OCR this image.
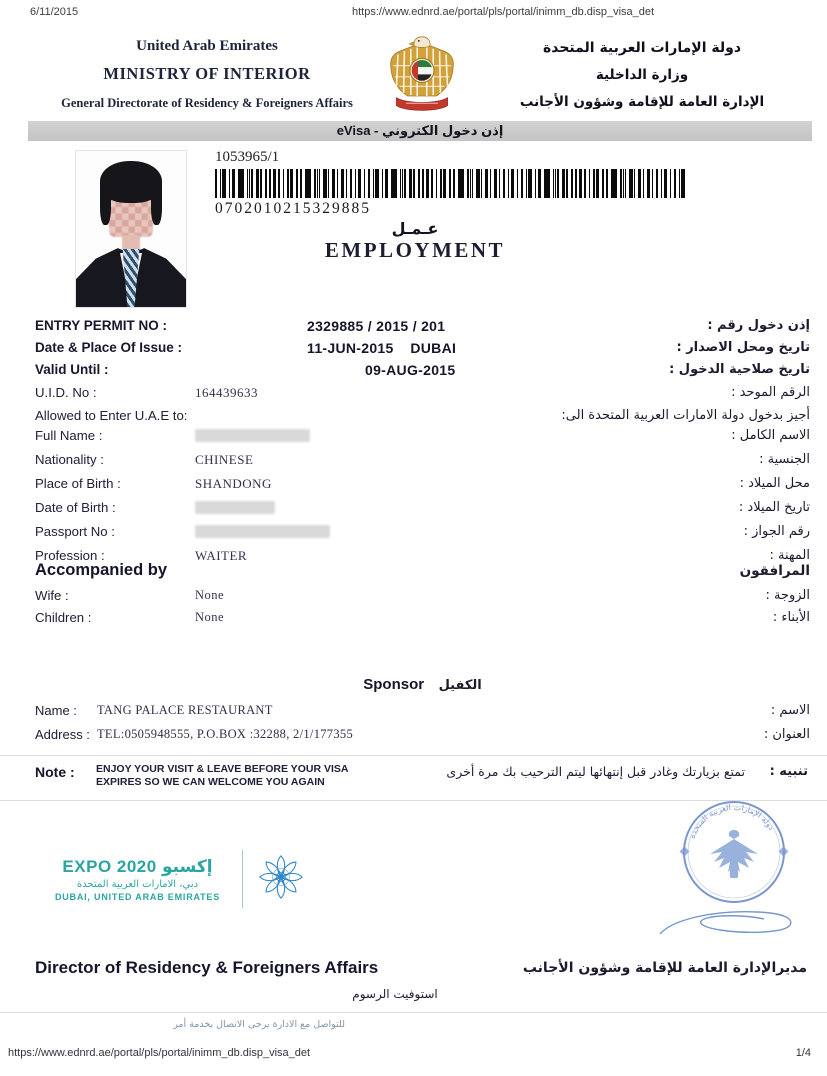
6/11/2015	https://www.ednrd.ae/portal/pls/portal/inimm_db.disp_visa_det
United Arab Emirates
MINISTRY OF INTERIOR
General Directorate of Residency & Foreigners Affairs
دولة الإمارات العربية المتحدة
وزارة الداخلية
الإدارة العامة للإقامة وشؤون الأجانب
eVisa - إذن دخول الكتروني
1053965/1
0702010215329885
عـمـل
EMPLOYMENT
ENTRY PERMIT NO :	2329885 / 2015 / 201	إذن دخول رقم :
Date & Place Of Issue :	11-JUN-2015    DUBAI	تاريخ ومحل الاصدار :
Valid Until :	09-AUG-2015	تاريخ صلاحية الدخول :
U.I.D. No :	164439633	الرقم الموحد :
Allowed to Enter U.A.E to:	أجيز بدخول دولة الامارات العربية المتحدة الى:
Full Name :	الاسم الكامل :
Nationality :	CHINESE	الجنسية :
Place of Birth :	SHANDONG	محل الميلاد :
Date of Birth :	تاريخ الميلاد :
Passport No :	رقم الجواز :
Profession :	WAITER	المهنة :
Accompanied by	المرافقون
Wife :	None	الزوجة :
Children :	None	الأبناء :
Sponsor الكفيل
Name : TANG PALACE RESTAURANT	الاسم :
Address : TEL:0505948555, P.O.BOX :32288, 2/1/177355	العنوان :
Note : ENJOY YOUR VISIT & LEAVE BEFORE YOUR VISA
EXPIRES SO WE CAN WELCOME YOU AGAIN
تمتع بزيارتك وغادر قبل إنتهائها ليتم الترحيب بك مرة أخرى تنبيه :
EXPO 2020 إكسبو
دبي، الامارات العربية المتحدة
DUBAI, UNITED ARAB EMIRATES
دولة الإمارات العربية المتحدة
Director of Residency & Foreigners Affairs	مديرالإدارة العامة للإقامة وشؤون الأجانب
استوفيت الرسوم
للتواصل مع الادارة يرجى الاتصال بخدمة أمر
https://www.ednrd.ae/portal/pls/portal/inimm_db.disp_visa_det	1/4
